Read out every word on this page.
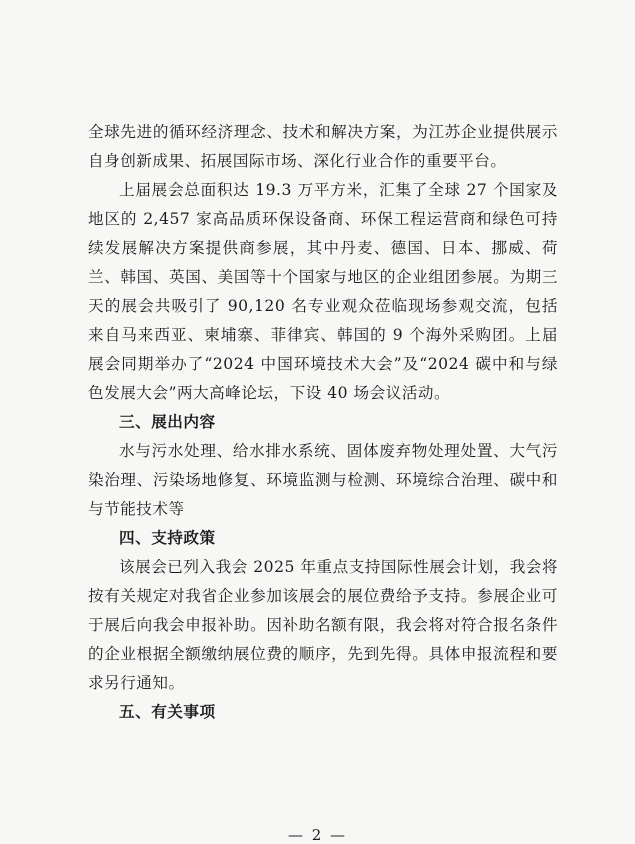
全球先进的循环经济理念、技术和解决方案，为江苏企业提供展示自身创新成果、拓展国际市场、深化行业合作的重要平台。

上届展会总面积达 19.3 万平方米，汇集了全球 27 个国家及地区的 2,457 家高品质环保设备商、环保工程运营商和绿色可持续发展解决方案提供商参展，其中丹麦、德国、日本、挪威、荷兰、韩国、英国、美国等十个国家与地区的企业组团参展。为期三天的展会共吸引了 90,120 名专业观众莅临现场参观交流，包括来自马来西亚、柬埔寨、菲律宾、韩国的 9 个海外采购团。上届展会同期举办了“2024 中国环境技术大会”及“2024 碳中和与绿色发展大会”两大高峰论坛，下设 40 场会议活动。

三、展出内容

水与污水处理、给水排水系统、固体废弃物处理处置、大气污染治理、污染场地修复、环境监测与检测、环境综合治理、碳中和与节能技术等

四、支持政策

该展会已列入我会 2025 年重点支持国际性展会计划，我会将按有关规定对我省企业参加该展会的展位费给予支持。参展企业可于展后向我会申报补助。因补助名额有限，我会将对符合报名条件的企业根据全额缴纳展位费的顺序，先到先得。具体申报流程和要求另行通知。

五、有关事项

— 2 —
